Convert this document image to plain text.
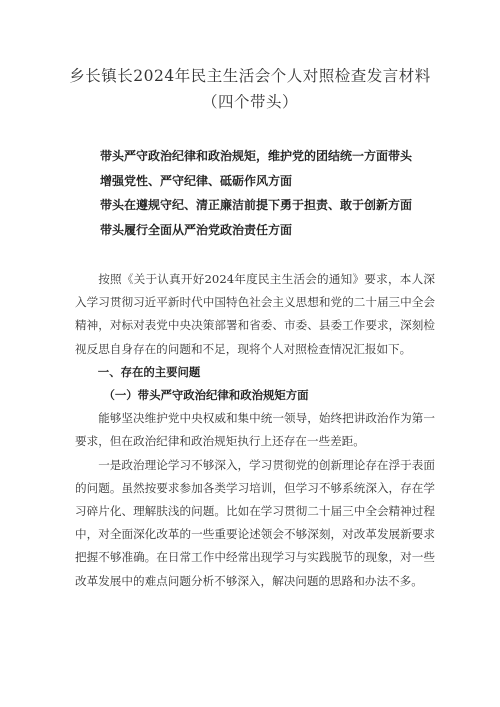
乡长镇长2024年民主生活会个人对照检查发言材料
（四个带头）
带头严守政治纪律和政治规矩，维护党的团结统一方面带头
增强党性、严守纪律、砥砺作风方面
带头在遵规守纪、清正廉洁前提下勇于担责、敢于创新方面
带头履行全面从严治党政治责任方面

按照《关于认真开好2024年度民主生活会的通知》要求，本人深入学习贯彻习近平新时代中国特色社会主义思想和党的二十届三中全会精神，对标对表党中央决策部署和省委、市委、县委工作要求，深刻检视反思自身存在的问题和不足，现将个人对照检查情况汇报如下。

一、存在的主要问题
（一）带头严守政治纪律和政治规矩方面

能够坚决维护党中央权威和集中统一领导，始终把讲政治作为第一要求，但在政治纪律和政治规矩执行上还存在一些差距。

一是政治理论学习不够深入，学习贯彻党的创新理论存在浮于表面的问题。虽然按要求参加各类学习培训，但学习不够系统深入，存在学习碎片化、理解肤浅的问题。比如在学习贯彻二十届三中全会精神过程中，对全面深化改革的一些重要论述领会不够深刻，对改革发展新要求把握不够准确。在日常工作中经常出现学习与实践脱节的现象，对一些改革发展中的难点问题分析不够深入，解决问题的思路和办法不多。
